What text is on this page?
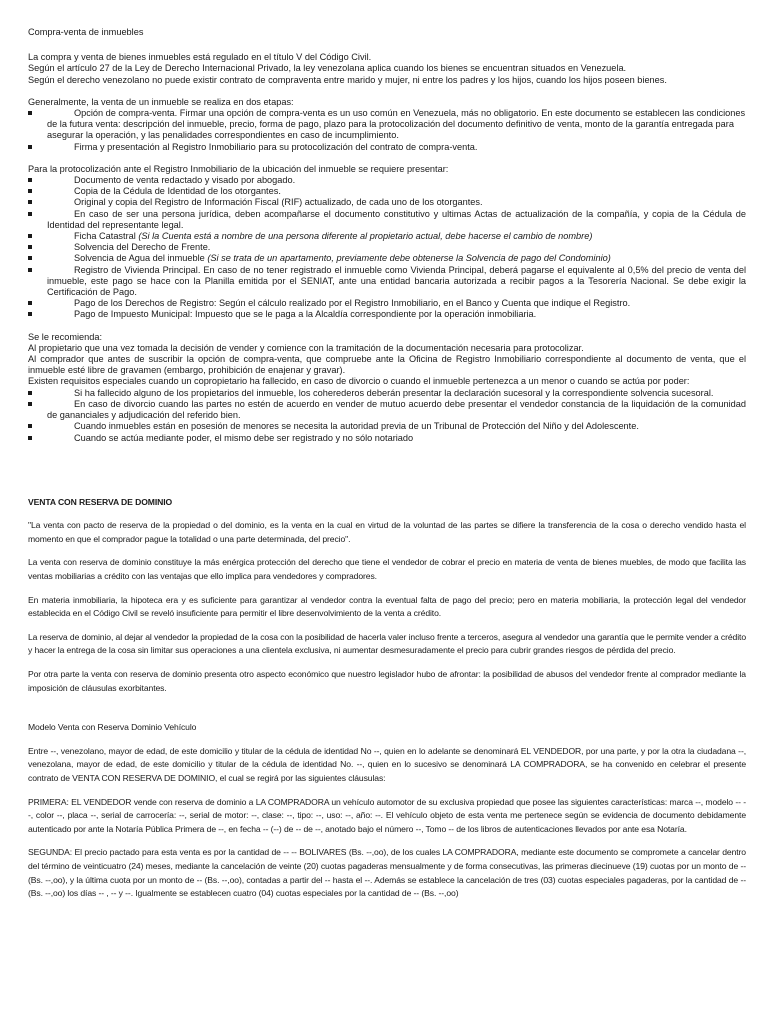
Compra-venta de inmuebles

La compra y venta de bienes inmuebles está regulado en el título V del Código Civil.

Según el artículo 27 de la Ley de Derecho Internacional Privado, la ley venezolana aplica cuando los bienes se encuentran situados en Venezuela.

Según el derecho venezolano no puede existir contrato de compraventa entre marido y mujer, ni entre los padres y los hijos, cuando los hijos poseen bienes.

Generalmente, la venta de un inmueble se realiza en dos etapas:

Opción de compra-venta. Firmar una opción de compra-venta es un uso común en Venezuela, más no obligatorio. En este documento se establecen las condiciones de la futura venta: descripción del inmueble, precio, forma de pago, plazo para la protocolización del documento definitivo de venta, monto de la garantía entregada para asegurar la operación, y las penalidades correspondientes en caso de incumplimiento.
Firma y presentación al Registro Inmobiliario para su protocolización del contrato de compra-venta.

Para la protocolización ante el Registro Inmobiliario de la ubicación del inmueble se requiere presentar:

Documento de venta redactado y visado por abogado.
Copia de la Cédula de Identidad de los otorgantes.
Original y copia del Registro de Información Fiscal (RIF) actualizado, de cada uno de los otorgantes.
En caso de ser una persona jurídica, deben acompañarse el documento constitutivo y ultimas Actas de actualización de la compañía, y copia de la Cédula de Identidad del representante legal.
Ficha Catastral (Si la Cuenta está a nombre de una persona diferente al propietario actual, debe hacerse el cambio de nombre)
Solvencia del Derecho de Frente.
Solvencia de Agua del inmueble (Si se trata de un apartamento, previamente debe obtenerse la Solvencia de pago del Condominio)
Registro de Vivienda Principal. En caso de no tener registrado el inmueble como Vivienda Principal, deberá pagarse el equivalente al 0,5% del precio de venta del inmueble, este pago se hace con la Planilla emitida por el SENIAT, ante una entidad bancaria autorizada a recibir pagos a la Tesorería Nacional. Se debe exigir la Certificación de Pago.
Pago de los Derechos de Registro: Según el cálculo realizado por el Registro Inmobiliario, en el Banco y Cuenta que indique el Registro.
Pago de Impuesto Municipal: Impuesto que se le paga a la Alcaldía correspondiente por la operación inmobiliaria.

Se le recomienda:

Al propietario que una vez tomada la decisión de vender y comience con la tramitación de la documentación necesaria para protocolizar.

Al comprador que antes de suscribir la opción de compra-venta, que compruebe ante la Oficina de Registro Inmobiliario correspondiente al documento de venta, que el inmueble esté libre de gravamen (embargo, prohibición de enajenar y gravar).

Existen requisitos especiales cuando un copropietario ha fallecido, en caso de divorcio o cuando el inmueble pertenezca a un menor o cuando se actúa por poder:

Si ha fallecido alguno de los propietarios del inmueble, los coherederos deberán presentar la declaración sucesoral y la correspondiente solvencia sucesoral.
En caso de divorcio cuando las partes no estén de acuerdo en vender de mutuo acuerdo debe presentar el vendedor constancia de la liquidación de la comunidad de gananciales y adjudicación del referido bien.
Cuando inmuebles están en posesión de menores se necesita la autoridad previa de un Tribunal de Protección del Niño y del Adolescente.
Cuando se actúa mediante poder, el mismo debe ser registrado y no sólo notariado

VENTA CON RESERVA DE DOMINIO

"La venta con pacto de reserva de la propiedad o del dominio, es la venta en la cual en virtud de la voluntad de las partes se difiere la transferencia de la cosa o derecho vendido hasta el momento en que el comprador pague la totalidad o una parte determinada, del precio".

La venta con reserva de dominio constituye la más enérgica protección del derecho que tiene el vendedor de cobrar el precio en materia de venta de bienes muebles, de modo que facilita las ventas mobiliarias a crédito con las ventajas que ello implica para vendedores y compradores.

En materia inmobiliaria, la hipoteca era y es suficiente para garantizar al vendedor contra la eventual falta de pago del precio; pero en materia mobiliaria, la protección legal del vendedor establecida en el Código Civil se reveló insuficiente para permitir el libre desenvolvimiento de la venta a crédito.

La reserva de dominio, al dejar al vendedor la propiedad de la cosa con la posibilidad de hacerla valer incluso frente a terceros, asegura al vendedor una garantía que le permite vender a crédito y hacer la entrega de la cosa sin limitar sus operaciones a una clientela exclusiva, ni aumentar desmesuradamente el precio para cubrir grandes riesgos de pérdida del precio.

Por otra parte la venta con reserva de dominio presenta otro aspecto económico que nuestro legislador hubo de afrontar: la posibilidad de abusos del vendedor frente al comprador mediante la imposición de cláusulas exorbitantes.

Modelo Venta con Reserva Dominio Vehículo

Entre --, venezolano, mayor de edad, de este domicilio y titular de la cédula de identidad No --, quien en lo adelante se denominará EL VENDEDOR, por una parte, y por la otra la ciudadana --, venezolana, mayor de edad, de este domicilio y titular de la cédula de identidad No. --, quien en lo sucesivo se denominará LA COMPRADORA, se ha convenido en celebrar el presente contrato de VENTA CON RESERVA DE DOMINIO, el cual se regirá por las siguientes cláusulas:

PRIMERA: EL VENDEDOR vende con reserva de dominio a LA COMPRADORA un vehículo automotor de su exclusiva propiedad que posee las siguientes características: marca --, modelo -- --, color --, placa --, serial de carrocería: --, serial de motor: --, clase: --, tipo: --, uso: --, año: --. El vehículo objeto de esta venta me pertenece según se evidencia de documento debidamente autenticado por ante la Notaría Pública Primera de --, en fecha -- (--) de -- de --, anotado bajo el número --, Tomo -- de los libros de autenticaciones llevados por ante esa Notaría.

SEGUNDA: El precio pactado para esta venta es por la cantidad de -- -- BOLIVARES (Bs. --,oo), de los cuales LA COMPRADORA, mediante este documento se compromete a cancelar dentro del término de veinticuatro (24) meses, mediante la cancelación de veinte (20) cuotas pagaderas mensualmente y de forma consecutivas, las primeras diecinueve (19) cuotas por un monto de -- (Bs. --,oo), y la última cuota por un monto de -- (Bs. --,oo), contadas a partir del -- hasta el --. Además se establece la cancelación de tres (03) cuotas especiales pagaderas, por la cantidad de -- (Bs. --,oo) los días -- , -- y --. Igualmente se establecen cuatro (04) cuotas especiales por la cantidad de -- (Bs. --,oo)
